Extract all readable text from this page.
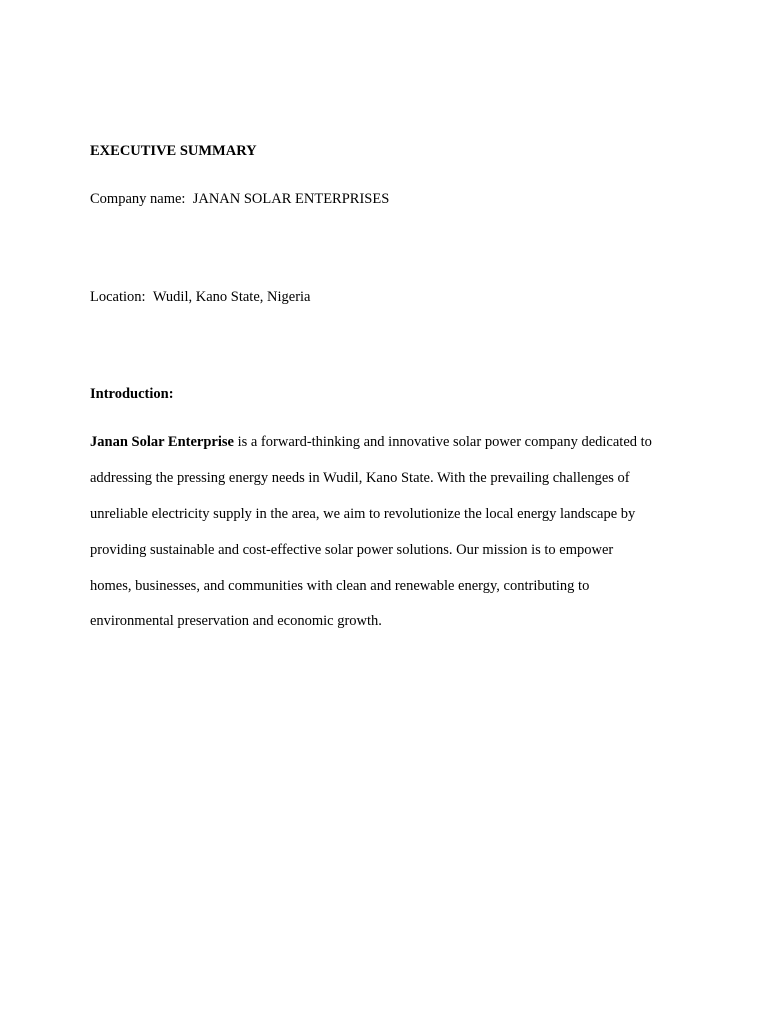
EXECUTIVE SUMMARY
Company name: JANAN SOLAR ENTERPRISES
Location: Wudil, Kano State, Nigeria
Introduction:
Janan Solar Enterprise is a forward-thinking and innovative solar power company dedicated to
addressing the pressing energy needs in Wudil, Kano State. With the prevailing challenges of
unreliable electricity supply in the area, we aim to revolutionize the local energy landscape by
providing sustainable and cost-effective solar power solutions. Our mission is to empower
homes, businesses, and communities with clean and renewable energy, contributing to
environmental preservation and economic growth.
